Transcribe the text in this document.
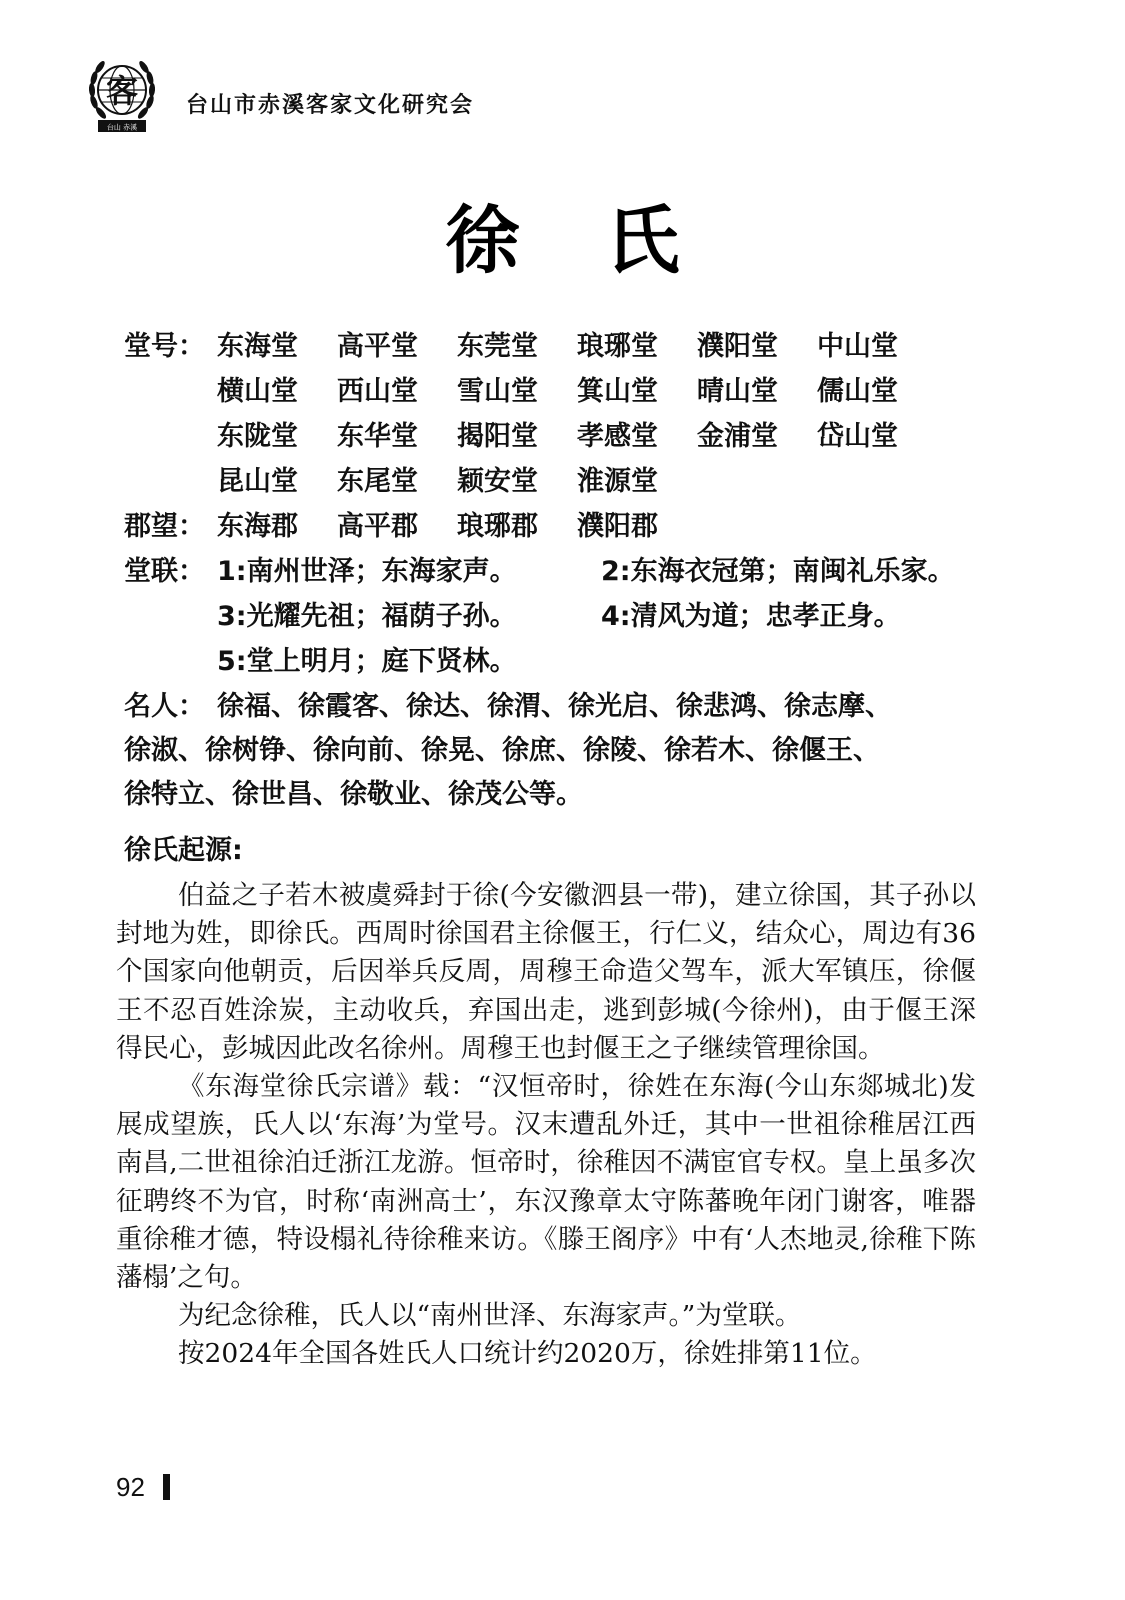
客
台山 赤溪
台山市赤溪客家文化研究会
徐 氏
堂号： 东海堂 高平堂 东莞堂 琅琊堂 濮阳堂 中山堂
横山堂 西山堂 雪山堂 箕山堂 晴山堂 儒山堂
东陇堂 东华堂 揭阳堂 孝感堂 金浦堂 岱山堂
昆山堂 东尾堂 颖安堂 淮源堂
郡望： 东海郡 高平郡 琅琊郡 濮阳郡
堂联： 1:南州世泽；东海家声。	2:东海衣冠第；南闽礼乐家。
3:光耀先祖；福荫子孙。	4:清风为道；忠孝正身。
5:堂上明月；庭下贤林。
名人： 徐福、徐霞客、徐达、徐渭、徐光启、徐悲鸿、徐志摩、
徐淑、徐树铮、徐向前、徐晃、徐庶、徐陵、徐若木、徐偃王、
徐特立、徐世昌、徐敬业、徐茂公等。
徐氏起源:

伯益之子若木被虞舜封于徐(今安徽泗县一带)，建立徐国，其子孙以封地为姓，即徐氏。西周时徐国君主徐偃王，行仁义，结众心，周边有36个国家向他朝贡，后因举兵反周，周穆王命造父驾车，派大军镇压，徐偃王不忍百姓涂炭，主动收兵，弃国出走，逃到彭城(今徐州)，由于偃王深得民心，彭城因此改名徐州。周穆王也封偃王之子继续管理徐国。

《东海堂徐氏宗谱》载：“汉恒帝时，徐姓在东海(今山东郯城北)发展成望族，氏人以‘东海’为堂号。汉末遭乱外迁，其中一世祖徐稚居江西南昌,二世祖徐泊迁浙江龙游。恒帝时，徐稚因不满宦官专权。皇上虽多次征聘终不为官，时称‘南洲高士’，东汉豫章太守陈蕃晚年闭门谢客，唯器重徐稚才德，特设榻礼待徐稚来访。《滕王阁序》中有‘人杰地灵,徐稚下陈藩榻’之句。

为纪念徐稚，氏人以“南州世泽、东海家声。”为堂联。

按2024年全国各姓氏人口统计约2020万，徐姓排第11位。

92
